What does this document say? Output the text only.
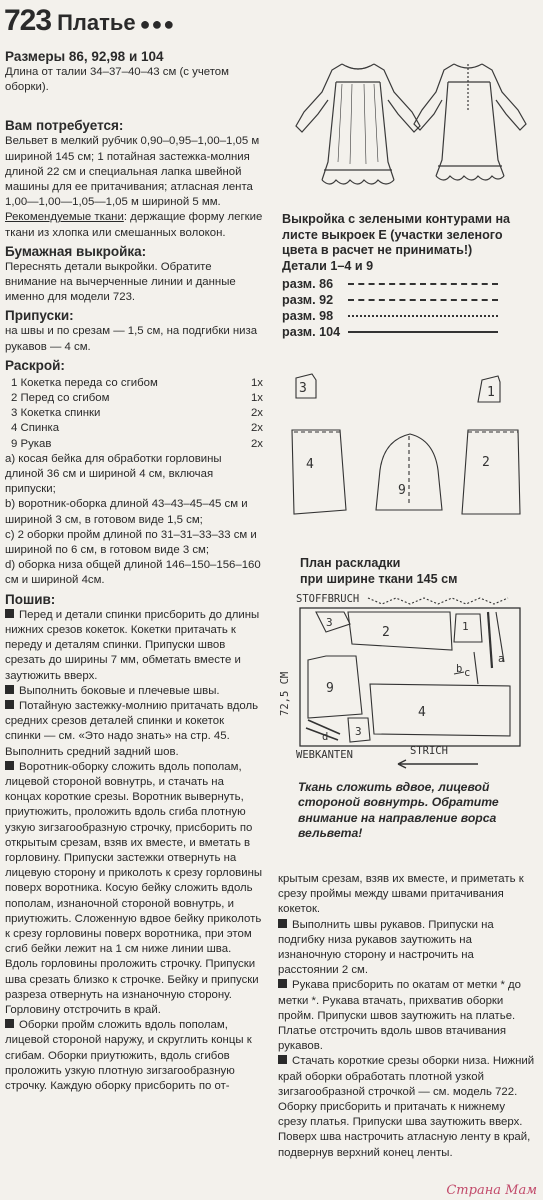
723 Платье ●●●

Размеры 86, 92,98 и 104

Длина от талии 34–37–40–43 см (с учетом оборки).

Вам потребуется:

Вельвет в мелкий рубчик 0,90–0,95–1,00–1,05 м шириной 145 см; 1 потайная застежка-молния длиной 22 см и специальная лапка швейной машины для ее притачивания; атласная лента 1,00—1,00—1,05—1,05 м шириной 5 мм.

Рекомендуемые ткани: держащие форму легкие ткани из хлопка или смешанных волокон.

Бумажная выкройка:

Переснять детали выкройки. Обратите внимание на вычерченные линии и данные именно для модели 723.

Припуски:

на швы и по срезам — 1,5 см, на подгибки низа рукавов — 4 см.

Раскрой:

1 Кокетка переда со сгибом	1x
2 Перед со сгибом	1x
3 Кокетка спинки	2x
4 Спинка	2x
9 Рукав	2x

а) косая бейка для обработки горловины длиной 36 см и шириной 4 см, включая припуски;

b) воротник-оборка длиной 43–43–45–45 см и шириной 3 см, в готовом виде 1,5 см;

с) 2 оборки пройм длиной по 31–31–33–33 см и шириной по 6 см, в готовом виде 3 см;

d) оборка низа общей длиной 146–150–156–160 см и шириной 4см.

Пошив:

Перед и детали спинки присборить до длины нижних срезов кокеток. Кокетки притачать к переду и деталям спинки. Припуски швов срезать до ширины 7 мм, обметать вместе и заутюжить вверх.

Выполнить боковые и плечевые швы.

Потайную застежку-молнию притачать вдоль средних срезов деталей спинки и кокеток спинки — см. «Это надо знать» на стр. 45. Выполнить средний задний шов.

Воротник-оборку сложить вдоль пополам, лицевой стороной вовнутрь, и стачать на концах короткие срезы. Воротник вывернуть, приутюжить, проложить вдоль сгиба плотную узкую зигзагообразную строчку, присборить по открытым срезам, взяв их вместе, и вметать в горловину. Припуски застежки отвернуть на лицевую сторону и приколоть к срезу горловины поверх воротника. Косую бейку сложить вдоль пополам, изнаночной стороной вовнутрь, и приутюжить. Сложенную вдвое бейку приколоть к срезу горловины поверх воротника, при этом сгиб бейки лежит на 1 см ниже линии шва. Вдоль горловины проложить строчку. Припуски шва срезать близко к строчке. Бейку и припуски разреза отвернуть на изнаночную сторону. Горловину отстрочить в край.

Оборки пройм сложить вдоль пополам, лицевой стороной наружу, и скруглить концы к сгибам. Оборки приутюжить, вдоль сгибов проложить узкую плотную зигзагообразную строчку. Каждую оборку присборить по от-

Выкройка с зелеными контурами на листе выкроек Е (участки зеленого цвета в расчет не принимать!)
Детали 1–4 и 9
разм. 86
разм. 92
разм. 98
разм. 104
3	1
4
9
2
План раскладки
при ширине ткани 145 см
STOFFBRUCH
72,5 CM
3
2	1
a
9
4
c
b
d 3
WEBKANTEN	STRICH
Ткань сложить вдвое, лицевой стороной вовнутрь. Обратите внимание на направление ворса вельвета!

крытым срезам, взяв их вместе, и приметать к срезу проймы между швами притачивания кокеток.

Выполнить швы рукавов. Припуски на подгибку низа рукавов заутюжить на изнаночную сторону и настрочить на расстоянии 2 см.

Рукава присборить по окатам от метки * до метки *. Рукава втачать, прихватив оборки пройм. Припуски швов заутюжить на платье. Платье отстрочить вдоль швов втачивания рукавов.

Стачать короткие срезы оборки низа. Нижний край оборки обработать плотной узкой зигзагообразной строчкой — см. модель 722. Оборку присборить и притачать к нижнему срезу платья. Припуски шва заутюжить вверх. Поверх шва настрочить атласную ленту в край, подвернув верхний конец ленты.

Страна Мам
